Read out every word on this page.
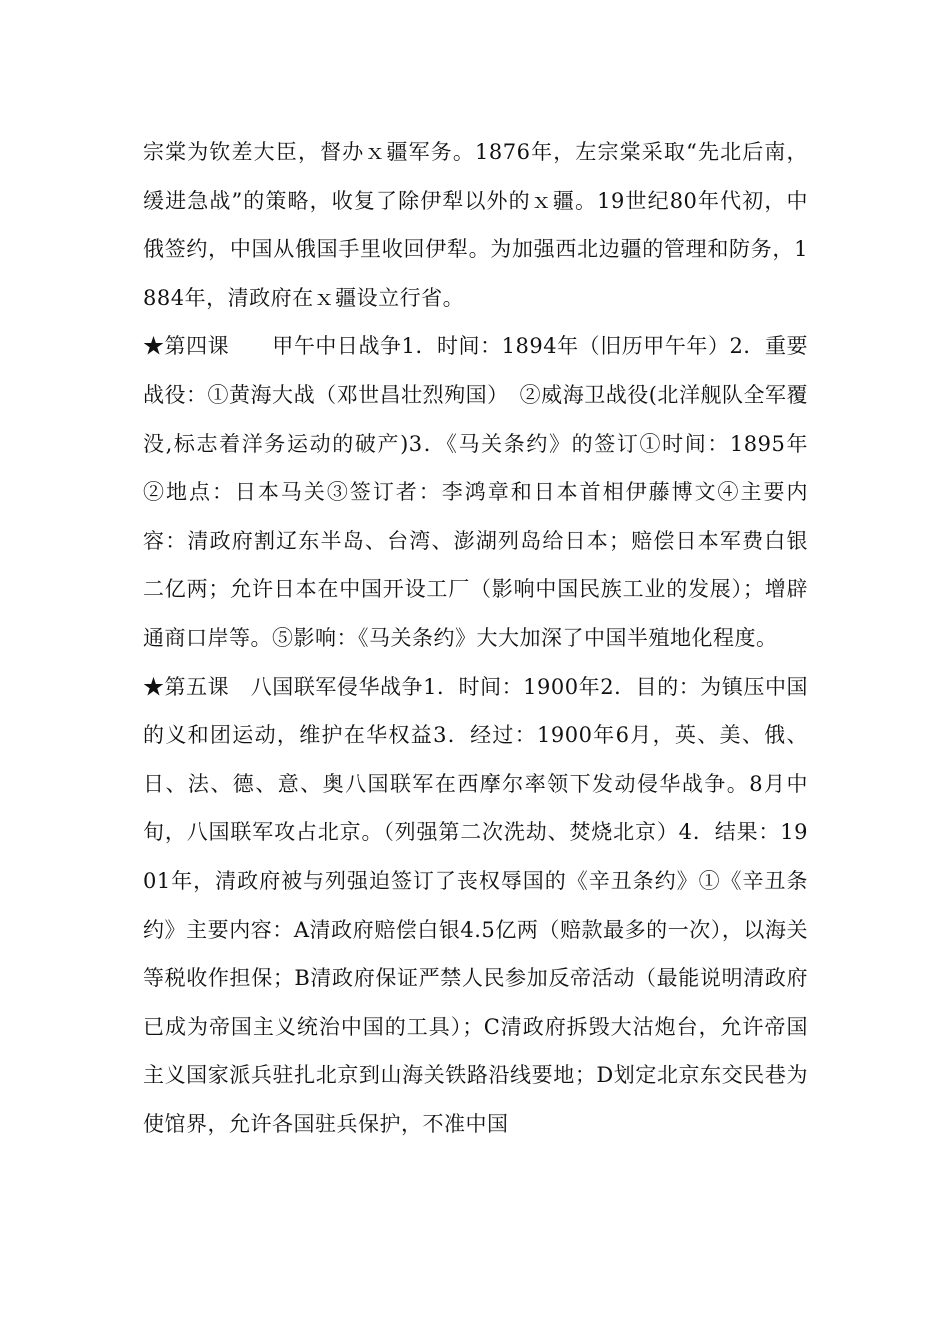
宗棠为钦差大臣，督办ｘ疆军务。1876年，左宗棠采取“先北后南，缓进急战”的策略，收复了除伊犁以外的ｘ疆。19世纪80年代初，中俄签约，中国从俄国手里收回伊犁。为加强西北边疆的管理和防务，1884年，清政府在ｘ疆设立行省。

★第四课　　甲午中日战争1．时间：1894年（旧历甲午年）2．重要战役：①黄海大战（邓世昌壮烈殉国）　②威海卫战役(北洋舰队全军覆没,标志着洋务运动的破产)3．《马关条约》的签订①时间：1895年　　②地点：日本马关③签订者：李鸿章和日本首相伊藤博文④主要内容：清政府割辽东半岛、台湾、澎湖列岛给日本；赔偿日本军费白银二亿两；允许日本在中国开设工厂（影响中国民族工业的发展）；增辟通商口岸等。⑤影响：《马关条约》大大加深了中国半殖地化程度。

★第五课　八国联军侵华战争1．时间：1900年2．目的：为镇压中国的义和团运动，维护在华权益3．经过：1900年6月，英、美、俄、日、法、德、意、奥八国联军在西摩尔率领下发动侵华战争。8月中旬，八国联军攻占北京。（列强第二次洗劫、焚烧北京）4．结果：1901年，清政府被与列强迫签订了丧权辱国的《辛丑条约》①《辛丑条约》主要内容：A清政府赔偿白银4.5亿两（赔款最多的一次），以海关等税收作担保；B清政府保证严禁人民参加反帝活动（最能说明清政府已成为帝国主义统治中国的工具）；C清政府拆毁大沽炮台，允许帝国主义国家派兵驻扎北京到山海关铁路沿线要地；D划定北京东交民巷为使馆界，允许各国驻兵保护，不准中国
